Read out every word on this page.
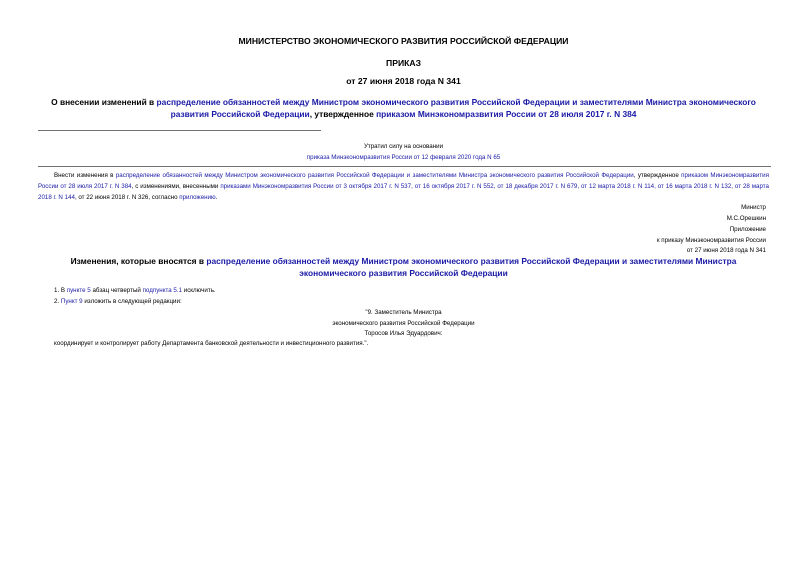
МИНИСТЕРСТВО ЭКОНОМИЧЕСКОГО РАЗВИТИЯ РОССИЙСКОЙ ФЕДЕРАЦИИ
ПРИКАЗ
от 27 июня 2018 года N 341
О внесении изменений в распределение обязанностей между Министром экономического развития Российской Федерации и заместителями Министра экономического развития Российской Федерации, утвержденное приказом Минэкономразвития России от 28 июля 2017 г. N 384
Утратил силу на основании
приказа Минэкономразвития России от 12 февраля 2020 года N 65
Внести изменения в распределение обязанностей между Министром экономического развития Российской Федерации и заместителями Министра экономического развития Российской Федерации, утвержденное приказом Минэкономразвития России от 28 июля 2017 г. N 384, с изменениями, внесенными приказами Минэкономразвития России от 3 октября 2017 г. N 537, от 16 октября 2017 г. N 552, от 18 декабря 2017 г. N 679, от 12 марта 2018 г. N 114, от 16 марта 2018 г. N 132, от 28 марта 2018 г. N 144, от 22 июня 2018 г. N 326, согласно приложению.
Министр
М.С.Орешкин
Приложение
к приказу Минэкономразвития России
от 27 июня 2018 года N 341
Изменения, которые вносятся в распределение обязанностей между Министром экономического развития Российской Федерации и заместителями Министра экономического развития Российской Федерации
1. В пункте 5 абзац четвертый подпункта 5.1 исключить.
2. Пункт 9 изложить в следующей редакции:
"9. Заместитель Министра
экономического развития Российской Федерации
Торосов Илья Эдуардович:
координирует и контролирует работу Департамента банковской деятельности и инвестиционного развития.".
